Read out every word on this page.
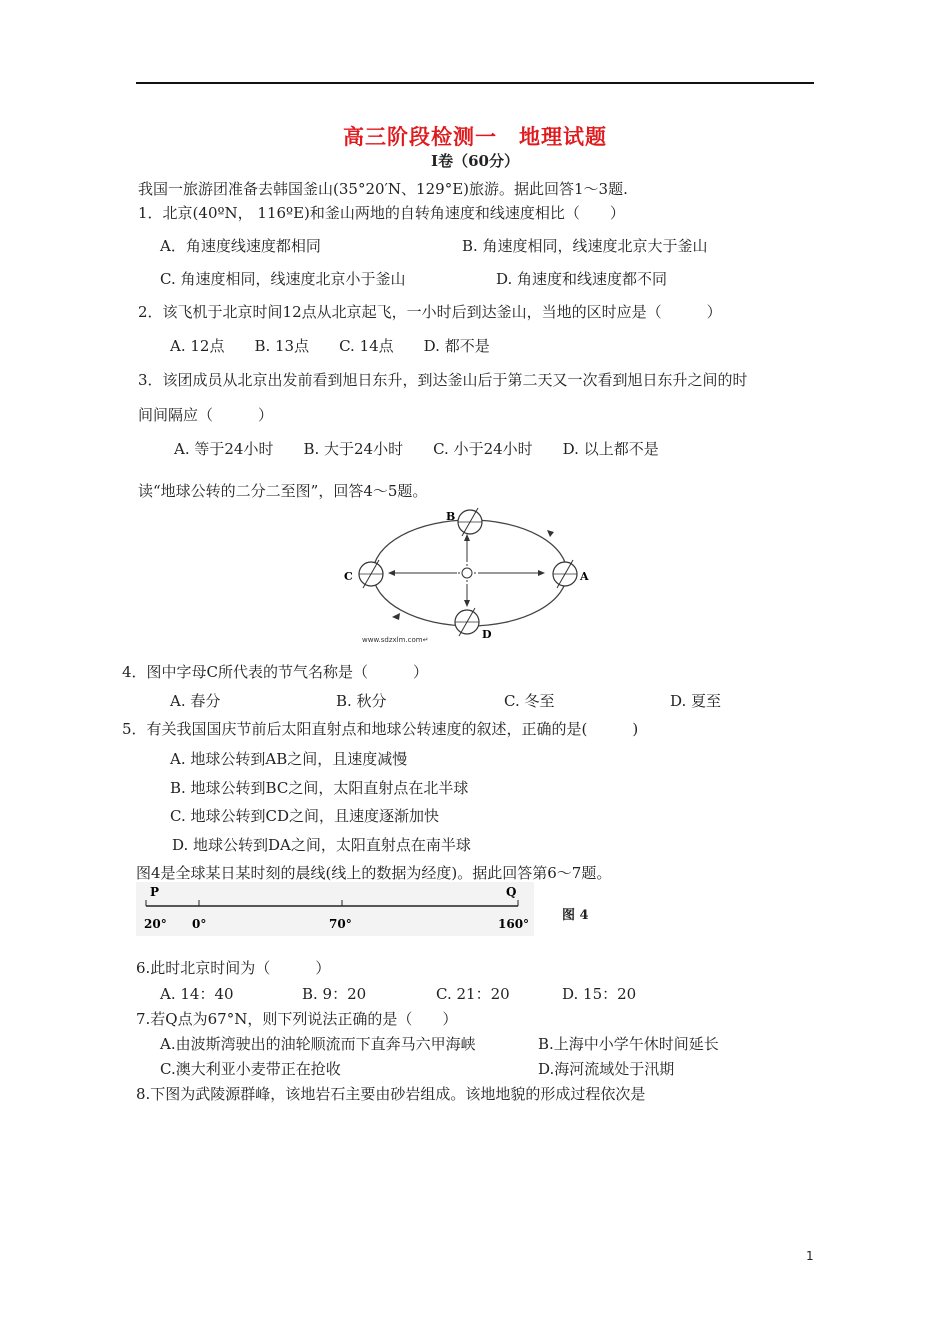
高三阶段检测一　地理试题
Ⅰ卷（60分）
我国一旅游团准备去韩国釜山(35°20′N、129°E)旅游。据此回答1～3题.
1．北京(40ºN， 116ºE)和釜山两地的自转角速度和线速度相比（　　）
A．角速度线速度都相同	B. 角速度相同，线速度北京大于釜山
C. 角速度相同，线速度北京小于釜山	D. 角速度和线速度都不同
2．该飞机于北京时间12点从北京起飞，一小时后到达釜山，当地的区时应是（　　　）
A. 12点　　B. 13点　　C. 14点　　D. 都不是
3．该团成员从北京出发前看到旭日东升，到达釜山后于第二天又一次看到旭日东升之间的时
间间隔应（　　　）
A. 等于24小时　　B. 大于24小时　　C. 小于24小时　　D. 以上都不是
读“地球公转的二分二至图”，回答4～5题。
B
C	A
D
www.sdzxlm.com↵
4．图中字母C所代表的节气名称是（　　　）
A. 春分	B. 秋分	C. 冬至	D. 夏至
5．有关我国国庆节前后太阳直射点和地球公转速度的叙述，正确的是(　　　)
A. 地球公转到AB之间，且速度减慢
B. 地球公转到BC之间，太阳直射点在北半球
C. 地球公转到CD之间，且速度逐渐加快
D. 地球公转到DA之间，太阳直射点在南半球
图4是全球某日某时刻的晨线(线上的数据为经度)。据此回答第6～7题。
P	Q
20° 0°	70°	160°
图 4
6.此时北京时间为（　　　）
A. 14：40	B. 9：20	C. 21：20	D. 15：20
7.若Q点为67°N，则下列说法正确的是（　　）
A.由波斯湾驶出的油轮顺流而下直奔马六甲海峡	B.上海中小学午休时间延长
C.澳大利亚小麦带正在抢收	D.海河流域处于汛期
8.下图为武陵源群峰，该地岩石主要由砂岩组成。该地地貌的形成过程依次是
1
